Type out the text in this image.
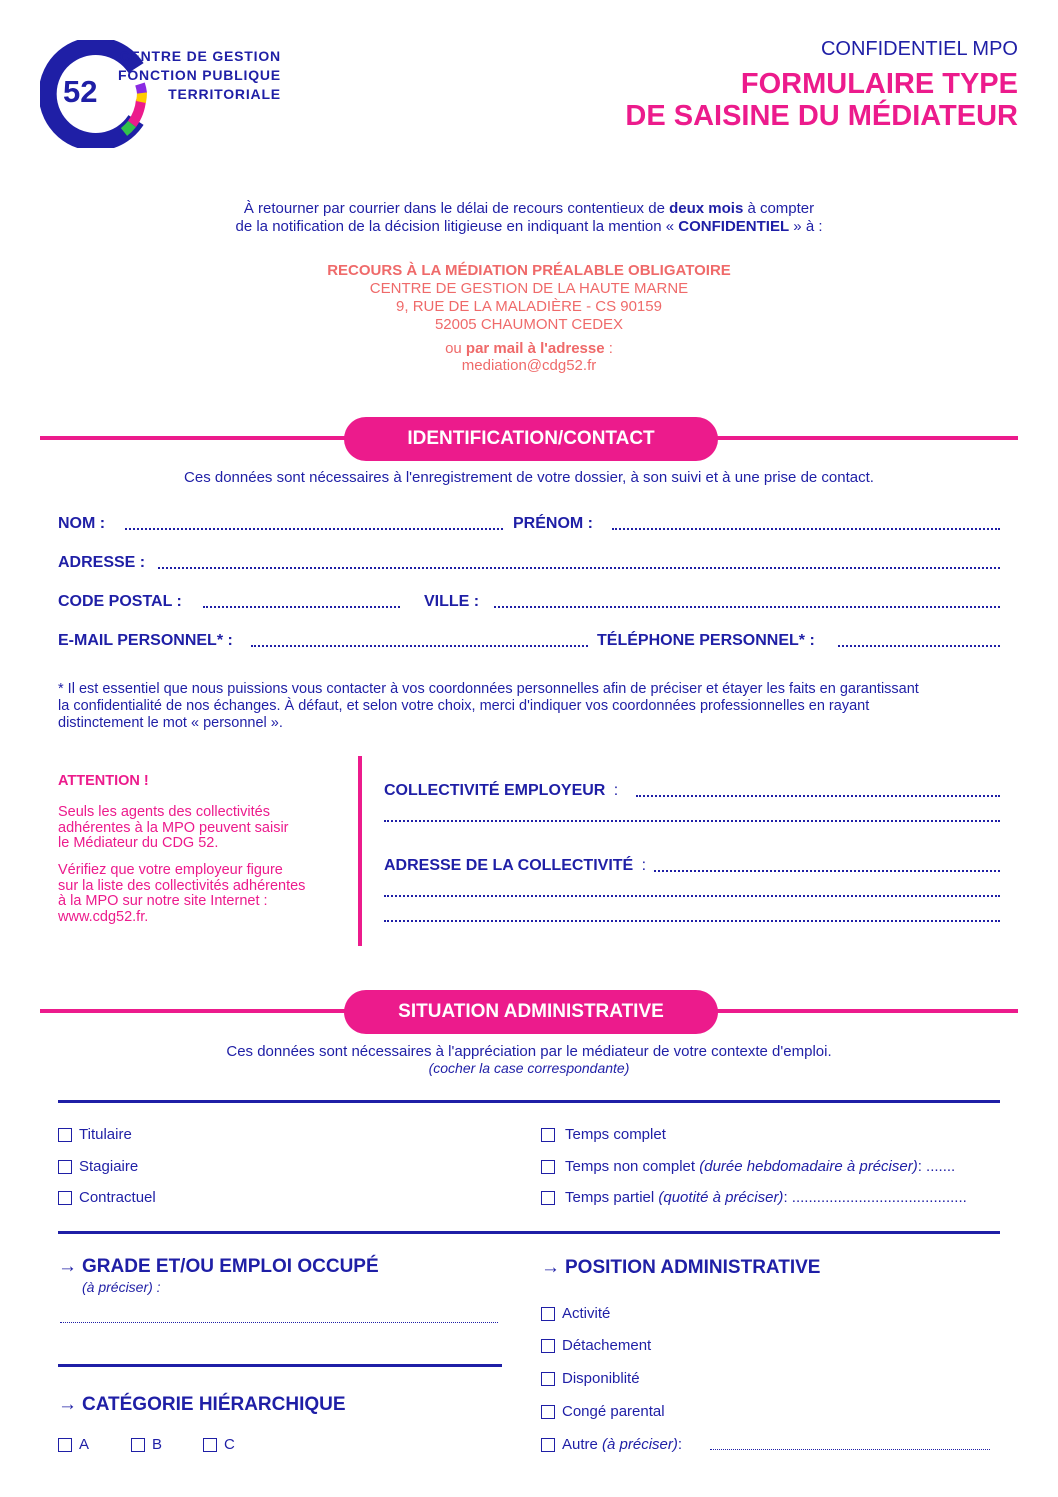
52
CENTRE DE GESTION
FONCTION PUBLIQUE
TERRITORIALE
CONFIDENTIEL MPO
FORMULAIRE TYPE
DE SAISINE DU MÉDIATEUR
À retourner par courrier dans le délai de recours contentieux de deux mois à compter
de la notification de la décision litigieuse en indiquant la mention « CONFIDENTIEL » à :
RECOURS À LA MÉDIATION PRÉALABLE OBLIGATOIRE
CENTRE DE GESTION DE LA HAUTE MARNE
9, RUE DE LA MALADIÈRE - CS 90159
52005 CHAUMONT CEDEX
ou par mail à l'adresse :
mediation@cdg52.fr
IDENTIFICATION/CONTACT
Ces données sont nécessaires à l'enregistrement de votre dossier, à son suivi et à une prise de contact.
NOM :	PRÉNOM :
ADRESSE :
CODE POSTAL :	VILLE :
E-MAIL PERSONNEL* :	TÉLÉPHONE PERSONNEL* :
* Il est essentiel que nous puissions vous contacter à vos coordonnées personnelles afin de préciser et étayer les faits en garantissant
la confidentialité de nos échanges. À défaut, et selon votre choix, merci d'indiquer vos coordonnées professionnelles en rayant
distinctement le mot « personnel ».
ATTENTION !
Seuls les agents des collectivités
adhérentes à la MPO peuvent saisir
le Médiateur du CDG 52.
Vérifiez que votre employeur figure
sur la liste des collectivités adhérentes
à la MPO sur notre site Internet :
www.cdg52.fr.
COLLECTIVITÉ EMPLOYEUR :
ADRESSE DE LA COLLECTIVITÉ :
SITUATION ADMINISTRATIVE
Ces données sont nécessaires à l'appréciation par le médiateur de votre contexte d'emploi.
(cocher la case correspondante)
Titulaire
Stagiaire
Contractuel
Temps complet
Temps non complet
(durée hebdomadaire à préciser) : .......
Temps partiel
(quotité à préciser) : ..........................................
→ GRADE ET/OU EMPLOI OCCUPÉ
(à préciser) :
→ CATÉGORIE HIÉRARCHIQUE
A	B	C
→ POSITION ADMINISTRATIVE
Activité
Détachement
Disponiblité
Congé parental
Autre
(à préciser) :
